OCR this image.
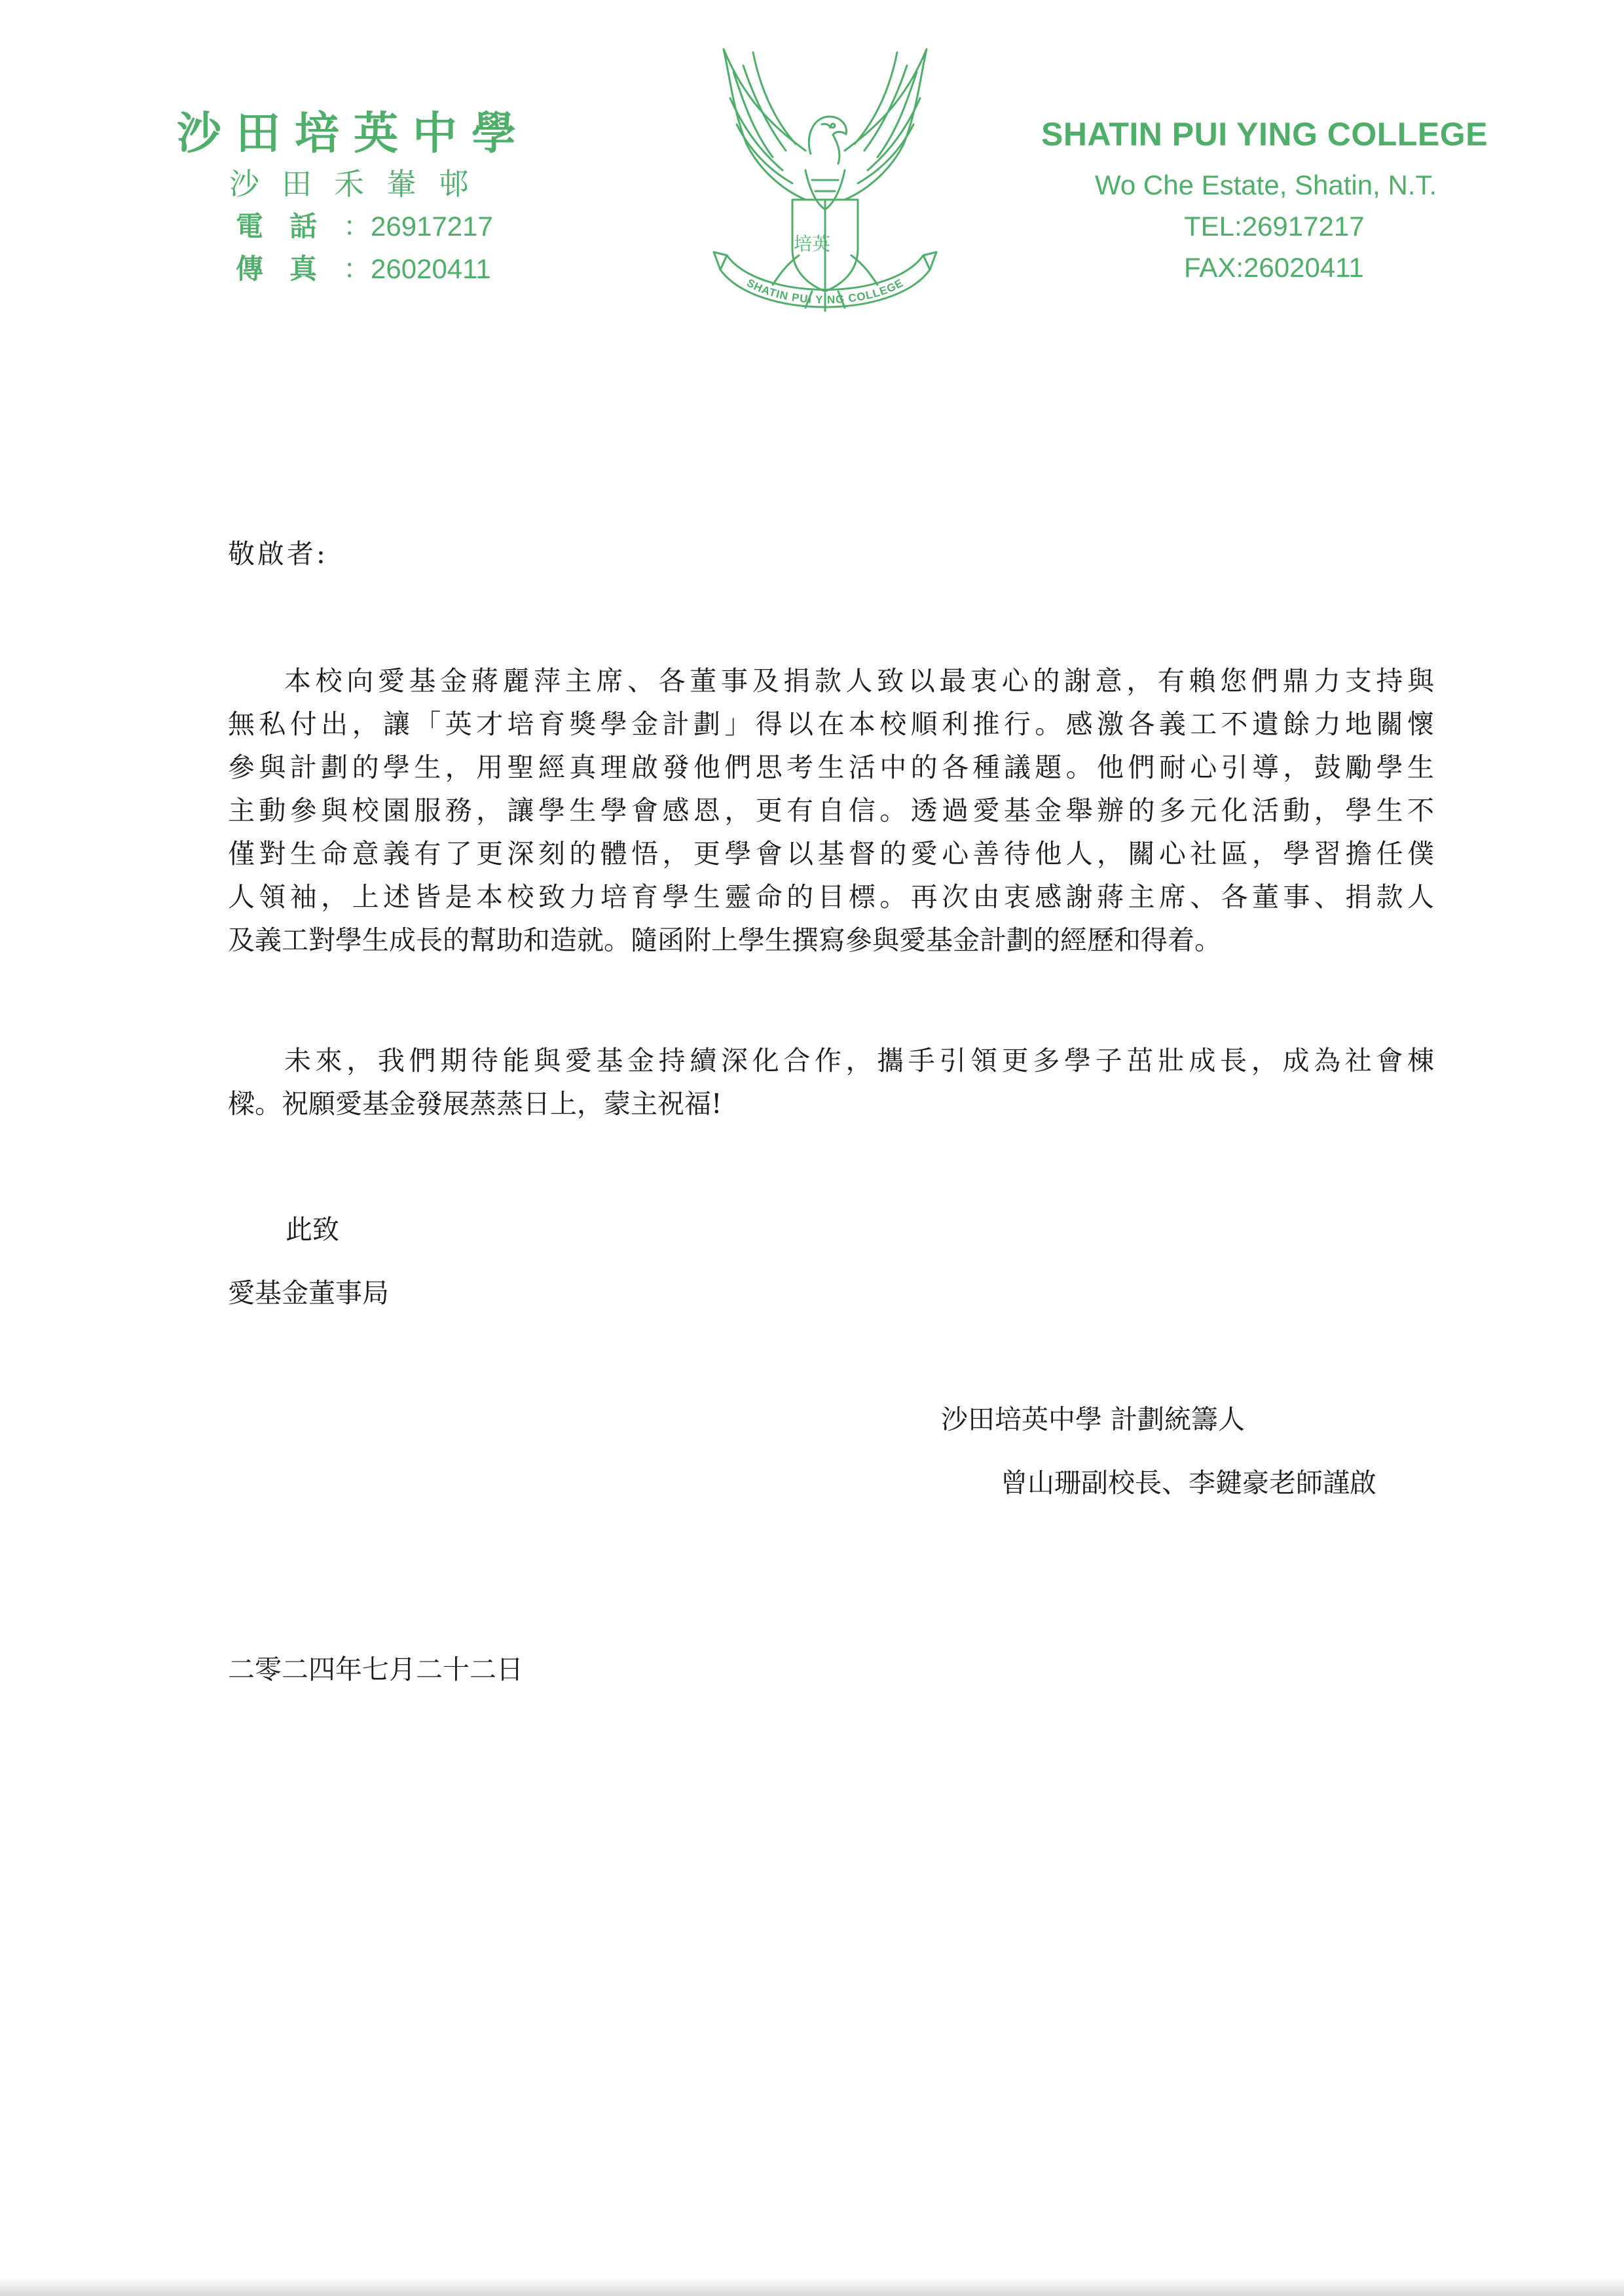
沙田培英中學
沙田禾輋邨
電話：26917217
傳真：26020411
培英
SHATIN PUI YING COLLEGE
SHATIN PUI YING COLLEGE
Wo Che Estate, Shatin, N.T.
TEL:26917217
FAX:26020411
敬啟者:
本校向愛基金蔣麗萍主席、各董事及捐款人致以最衷心的謝意，有賴您們鼎力支持與
無私付出，讓「英才培育獎學金計劃」得以在本校順利推行。感激各義工不遺餘力地關懷
參與計劃的學生，用聖經真理啟發他們思考生活中的各種議題。他們耐心引導，鼓勵學生
主動參與校園服務，讓學生學會感恩，更有自信。透過愛基金舉辦的多元化活動，學生不
僅對生命意義有了更深刻的體悟，更學會以基督的愛心善待他人，關心社區，學習擔任僕
人領袖，上述皆是本校致力培育學生靈命的目標。再次由衷感謝蔣主席、各董事、捐款人
及義工對學生成長的幫助和造就。隨函附上學生撰寫參與愛基金計劃的經歷和得着。
未來，我們期待能與愛基金持續深化合作，攜手引領更多學子茁壯成長，成為社會棟
樑。祝願愛基金發展蒸蒸日上，蒙主祝福!
此致
愛基金董事局
沙田培英中學 計劃統籌人
曾山珊副校長、李鍵豪老師謹啟
二零二四年七月二十二日
